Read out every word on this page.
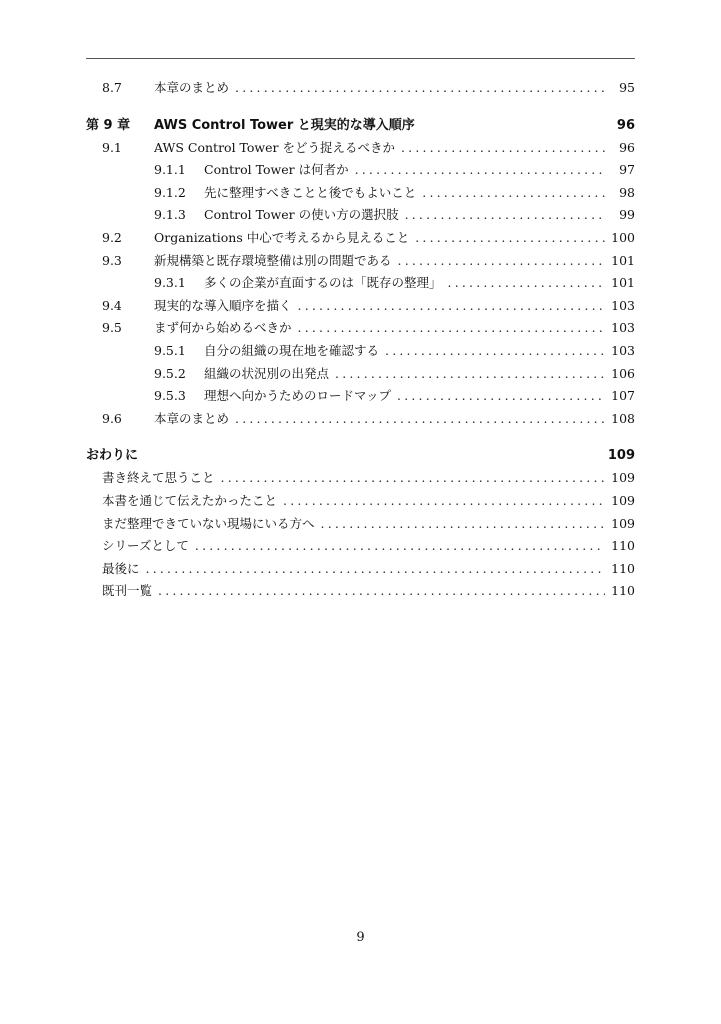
8.7	本章のまとめ .....	95
第 9 章 AWS Control Tower と現実的な導入順序	96
9.1	AWS Control Tower をどう捉えるべきか .....	96
9.1.1 Control Tower は何者か .....	97
9.1.2 先に整理すべきことと後でもよいこと .....	98
9.1.3 Control Tower の使い方の選択肢 .....	99
9.2	Organizations 中心で考えるから見えること .....	100
9.3	新規構築と既存環境整備は別の問題である .....	101
9.3.1 多くの企業が直面するのは「既存の整理」 .....	101
9.4	現実的な導入順序を描く .....	103
9.5	まず何から始めるべきか .....	103
9.5.1 自分の組織の現在地を確認する .....	103
9.5.2 組織の状況別の出発点 .....	106
9.5.3 理想へ向かうためのロードマップ .....	107
9.6	本章のまとめ .....	108
おわりに	109
書き終えて思うこと .....	109
本書を通じて伝えたかったこと .....	109
まだ整理できていない現場にいる方へ .....	109
シリーズとして .....	110
最後に .....	110
既刊一覧 .....	110
9
